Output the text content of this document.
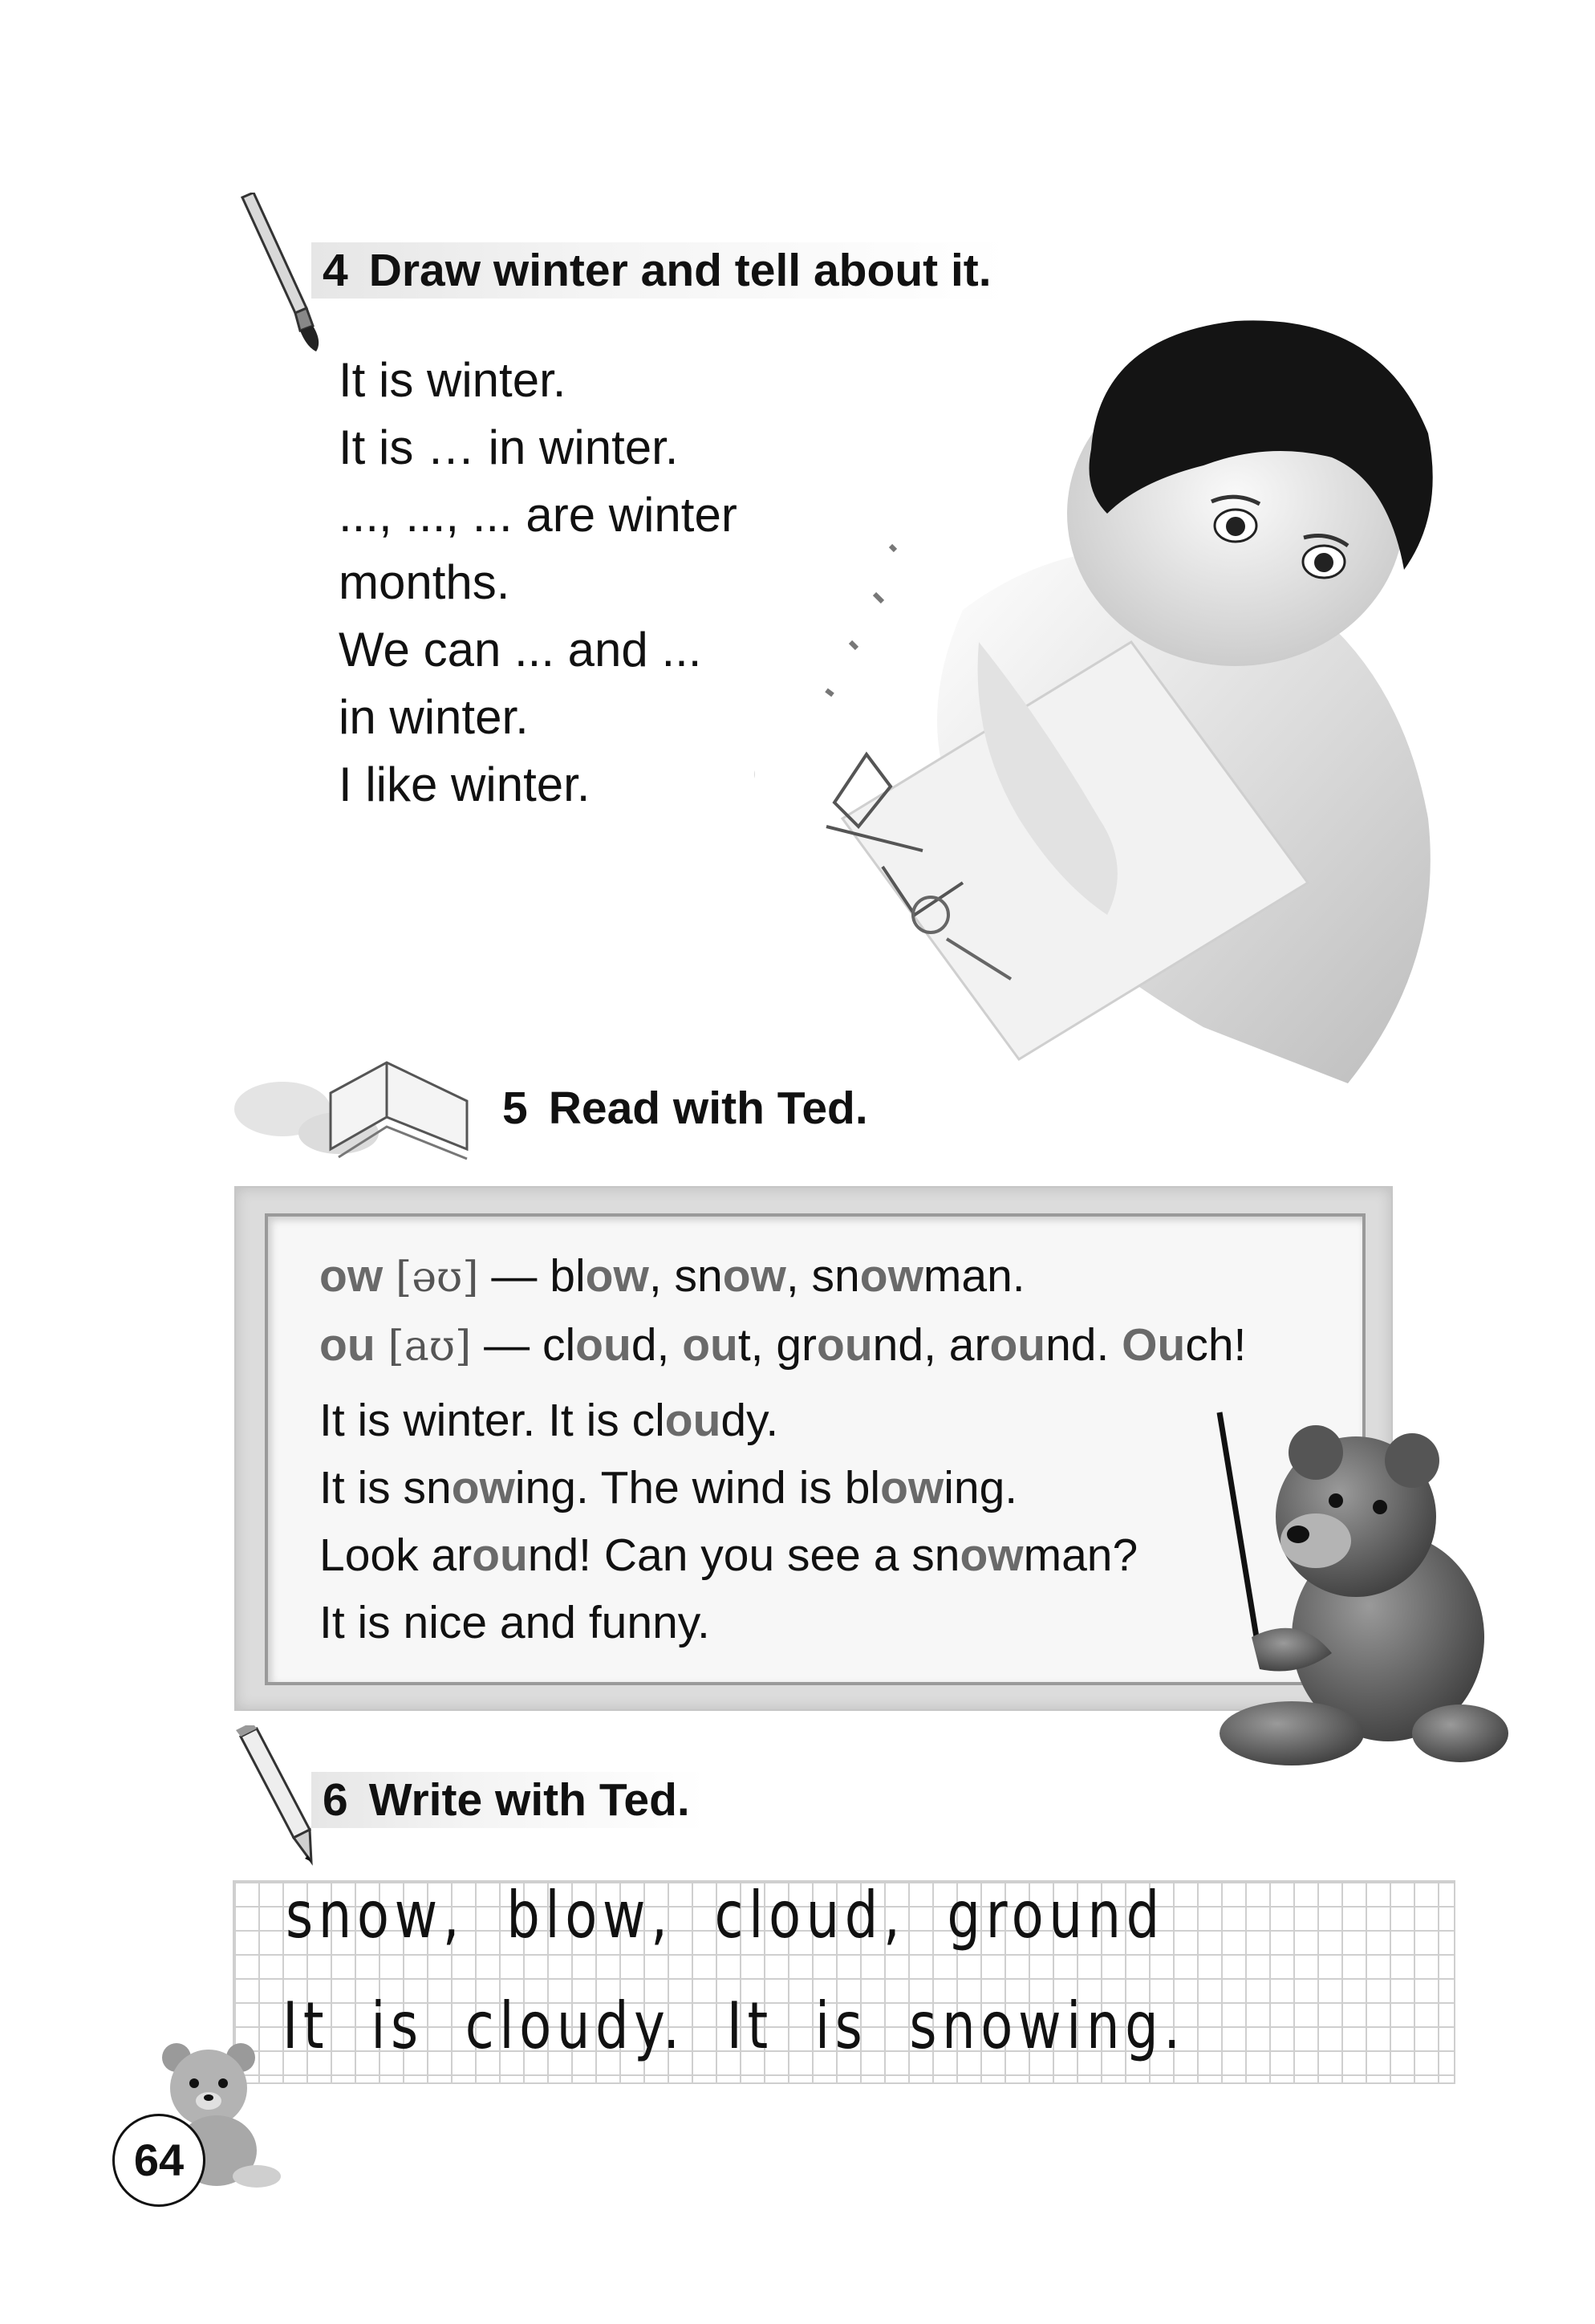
4 Draw winter and tell about it.
It is winter.
It is … in winter.
..., ..., ... are winter
months.
We can ... and ...
in winter.
I like winter.
5 Read with Ted.
ow [əʊ] — blow, snow, snowman.
ou [aʊ] — cloud, out, ground, around. Ouch!
It is winter. It is cloudy.
It is snowing. The wind is blowing.
Look around! Can you see a snowman?
It is nice and funny.
6 Write with Ted.
snow, blow, cloud, ground
It is cloudy. It is snowing.
64
